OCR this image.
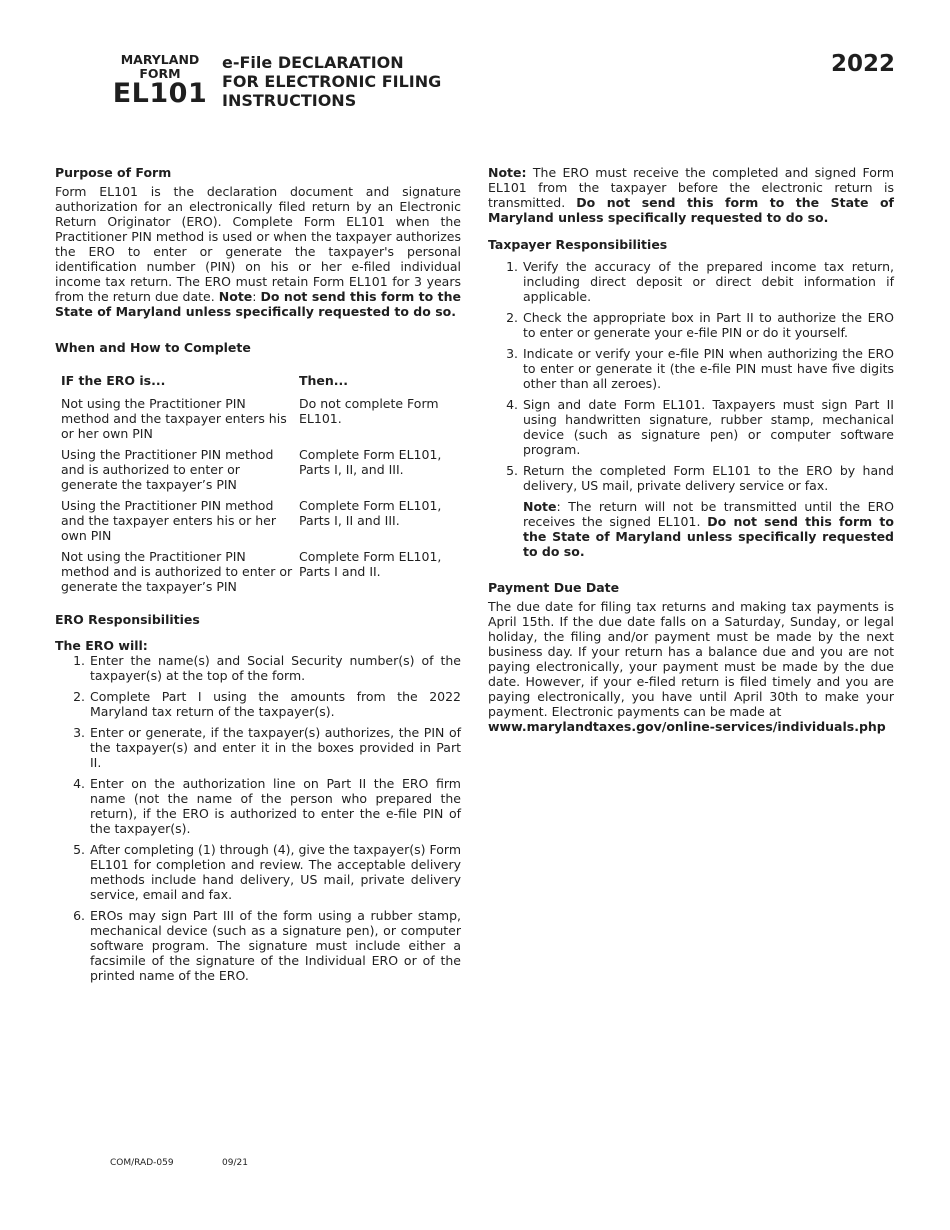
MARYLAND
FORM
EL101
e-File DECLARATION
FOR ELECTRONIC FILING
INSTRUCTIONS
2022
Purpose of Form

Form EL101 is the declaration document and signature authorization for an electronically filed return by an Electronic Return Originator (ERO). Complete Form EL101 when the Practitioner PIN method is used or when the taxpayer authorizes the ERO to enter or generate the taxpayer's personal identification number (PIN) on his or her e-filed individual income tax return. The ERO must retain Form EL101 for 3 years from the return due date. Note: Do not send this form to the State of Maryland unless specifically requested to do so.

When and How to Complete
IF the ERO is...	Then...
Not using the Practitioner PIN method and the taxpayer enters his or her own PIN	Do not complete Form EL101.
Using the Practitioner PIN method and is authorized to enter or generate the taxpayer’s PIN	Complete Form EL101, Parts I, II, and III.
Using the Practitioner PIN method and the taxpayer enters his or her own PIN	Complete Form EL101, Parts I, II and III.
Not using the Practitioner PIN method and is authorized to enter or generate the taxpayer’s PIN	Complete Form EL101, Parts I and II.
ERO Responsibilities
The ERO will:
1. Enter the name(s) and Social Security number(s) of the taxpayer(s) at the top of the form.
2. Complete Part I using the amounts from the 2022 Maryland tax return of the taxpayer(s).
3. Enter or generate, if the taxpayer(s) authorizes, the PIN of the taxpayer(s) and enter it in the boxes provided in Part II.
4. Enter on the authorization line on Part II the ERO firm name (not the name of the person who prepared the return), if the ERO is authorized to enter the e-file PIN of the taxpayer(s).
5. After completing (1) through (4), give the taxpayer(s) Form EL101 for completion and review. The acceptable delivery methods include hand delivery, US mail, private delivery service, email and fax.
6. EROs may sign Part III of the form using a rubber stamp, mechanical device (such as a signature pen), or computer software program. The signature must include either a facsimile of the signature of the Individual ERO or of the printed name of the ERO.

Note: The ERO must receive the completed and signed Form EL101 from the taxpayer before the electronic return is transmitted. Do not send this form to the State of Maryland unless specifically requested to do so.

Taxpayer Responsibilities
1. Verify the accuracy of the prepared income tax return, including direct deposit or direct debit information if applicable.
2. Check the appropriate box in Part II to authorize the ERO to enter or generate your e-file PIN or do it yourself.
3. Indicate or verify your e-file PIN when authorizing the ERO to enter or generate it (the e-file PIN must have five digits other than all zeroes).
4. Sign and date Form EL101. Taxpayers must sign Part II using handwritten signature, rubber stamp, mechanical device (such as signature pen) or computer software program.
5. Return the completed Form EL101 to the ERO by hand delivery, US mail, private delivery service or fax.

Note: The return will not be transmitted until the ERO receives the signed EL101. Do not send this form to the State of Maryland unless specifically requested to do so.

Payment Due Date

The due date for filing tax returns and making tax payments is April 15th. If the due date falls on a Saturday, Sunday, or legal holiday, the filing and/or payment must be made by the next business day. If your return has a balance due and you are not paying electronically, your payment must be made by the due date. However, if your e-filed return is filed timely and you are paying electronically, you have until April 30th to make your payment. Electronic payments can be made at

www.marylandtaxes.gov/online-services/individuals.php
COM/RAD-059	09/21
